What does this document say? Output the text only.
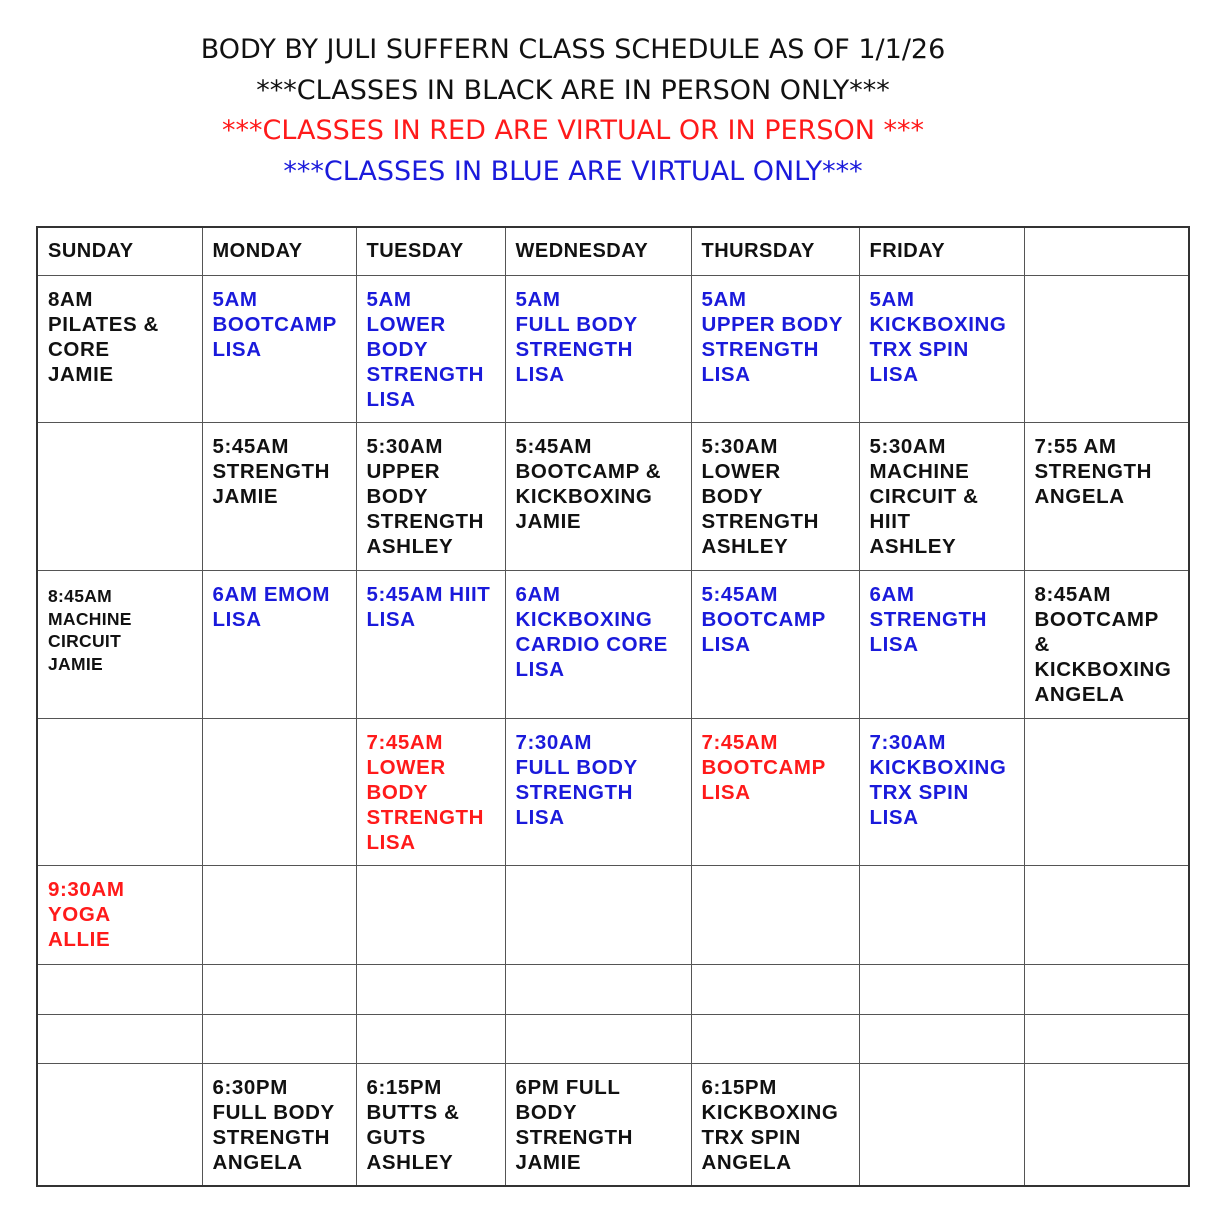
BODY BY JULI SUFFERN CLASS SCHEDULE AS OF 1/1/26
***CLASSES IN BLACK ARE IN PERSON ONLY***
***CLASSES IN RED ARE VIRTUAL OR IN PERSON ***
***CLASSES IN BLUE ARE VIRTUAL ONLY***
SUNDAY	MONDAY	TUESDAY	WEDNESDAY	THURSDAY	FRIDAY	

8AM
PILATES &
CORE
JAMIE	5AM
BOOTCAMP
LISA	5AM
LOWER
BODY
STRENGTH
LISA	5AM
FULL BODY
STRENGTH
LISA	5AM
UPPER BODY
STRENGTH
LISA	5AM
KICKBOXING
TRX SPIN
LISA	

	5:45AM
STRENGTH
JAMIE	5:30AM
UPPER
BODY
STRENGTH
ASHLEY	5:45AM
BOOTCAMP &
KICKBOXING
JAMIE	5:30AM
LOWER
BODY
STRENGTH
ASHLEY	5:30AM
MACHINE
CIRCUIT &
HIIT
ASHLEY	7:55 AM
STRENGTH
ANGELA

8:45AM
MACHINE
CIRCUIT
JAMIE	6AM EMOM
LISA	5:45AM HIIT
LISA	6AM
KICKBOXING
CARDIO CORE
LISA	5:45AM
BOOTCAMP
LISA	6AM
STRENGTH
LISA	8:45AM
BOOTCAMP
&
KICKBOXING
ANGELA

		7:45AM
LOWER
BODY
STRENGTH
LISA	7:30AM
FULL BODY
STRENGTH
LISA	7:45AM
BOOTCAMP
LISA	7:30AM
KICKBOXING
TRX SPIN
LISA	

9:30AM
YOGA
ALLIE						

	6:30PM
FULL BODY
STRENGTH
ANGELA	6:15PM
BUTTS &
GUTS
ASHLEY	6PM FULL
BODY
STRENGTH
JAMIE	6:15PM
KICKBOXING
TRX SPIN
ANGELA		
